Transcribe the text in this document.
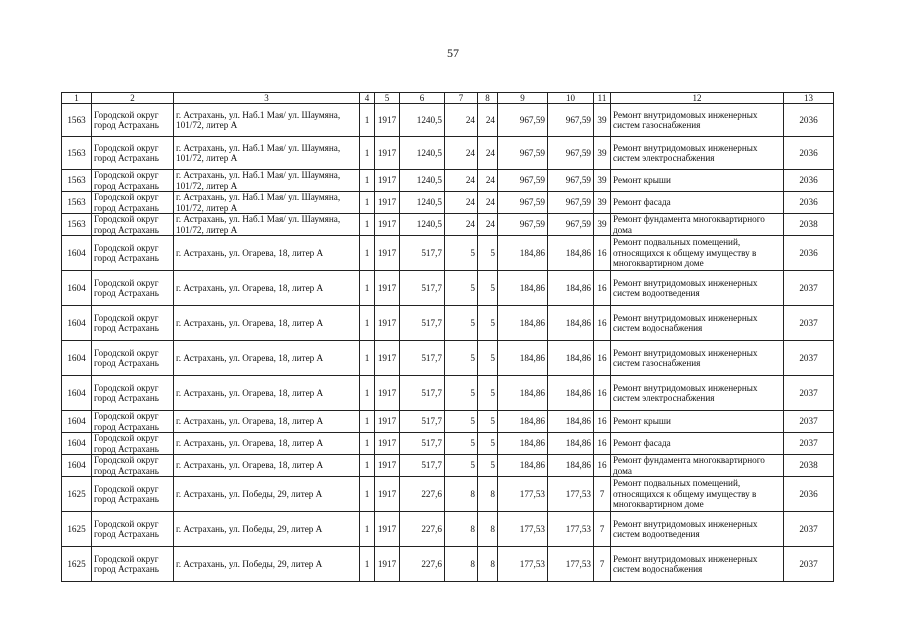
57
1	2	3	4	5	6	7	8	9	10	11	12	13
1563	Городской округ город Астрахань	г. Астрахань, ул. Наб.1 Мая/ ул. Шаумяна, 101/72, литер А	1	1917	1240,5	24	24	967,59	967,59	39	Ремонт внутридомовых инженерных систем газоснабжения	2036
1563	Городской округ город Астрахань	г. Астрахань, ул. Наб.1 Мая/ ул. Шаумяна, 101/72, литер А	1	1917	1240,5	24	24	967,59	967,59	39	Ремонт внутридомовых инженерных систем электроснабжения	2036
1563	Городской округ город Астрахань	г. Астрахань, ул. Наб.1 Мая/ ул. Шаумяна, 101/72, литер А	1	1917	1240,5	24	24	967,59	967,59	39	Ремонт крыши	2036
1563	Городской округ город Астрахань	г. Астрахань, ул. Наб.1 Мая/ ул. Шаумяна, 101/72, литер А	1	1917	1240,5	24	24	967,59	967,59	39	Ремонт фасада	2036
1563	Городской округ город Астрахань	г. Астрахань, ул. Наб.1 Мая/ ул. Шаумяна, 101/72, литер А	1	1917	1240,5	24	24	967,59	967,59	39	Ремонт фундамента многоквартирного дома	2038
1604	Городской округ город Астрахань	г. Астрахань, ул. Огарева, 18, литер А	1	1917	517,7	5	5	184,86	184,86	16	Ремонт подвальных помещений, относящихся к общему имуществу в многоквартирном доме	2036
1604	Городской округ город Астрахань	г. Астрахань, ул. Огарева, 18, литер А	1	1917	517,7	5	5	184,86	184,86	16	Ремонт внутридомовых инженерных систем водоотведения	2037
1604	Городской округ город Астрахань	г. Астрахань, ул. Огарева, 18, литер А	1	1917	517,7	5	5	184,86	184,86	16	Ремонт внутридомовых инженерных систем водоснабжения	2037
1604	Городской округ город Астрахань	г. Астрахань, ул. Огарева, 18, литер А	1	1917	517,7	5	5	184,86	184,86	16	Ремонт внутридомовых инженерных систем газоснабжения	2037
1604	Городской округ город Астрахань	г. Астрахань, ул. Огарева, 18, литер А	1	1917	517,7	5	5	184,86	184,86	16	Ремонт внутридомовых инженерных систем электроснабжения	2037
1604	Городской округ город Астрахань	г. Астрахань, ул. Огарева, 18, литер А	1	1917	517,7	5	5	184,86	184,86	16	Ремонт крыши	2037
1604	Городской округ город Астрахань	г. Астрахань, ул. Огарева, 18, литер А	1	1917	517,7	5	5	184,86	184,86	16	Ремонт фасада	2037
1604	Городской округ город Астрахань	г. Астрахань, ул. Огарева, 18, литер А	1	1917	517,7	5	5	184,86	184,86	16	Ремонт фундамента многоквартирного дома	2038
1625	Городской округ город Астрахань	г. Астрахань, ул. Победы, 29, литер А	1	1917	227,6	8	8	177,53	177,53	7	Ремонт подвальных помещений, относящихся к общему имуществу в многоквартирном доме	2036
1625	Городской округ город Астрахань	г. Астрахань, ул. Победы, 29, литер А	1	1917	227,6	8	8	177,53	177,53	7	Ремонт внутридомовых инженерных систем водоотведения	2037
1625	Городской округ город Астрахань	г. Астрахань, ул. Победы, 29, литер А	1	1917	227,6	8	8	177,53	177,53	7	Ремонт внутридомовых инженерных систем водоснабжения	2037
